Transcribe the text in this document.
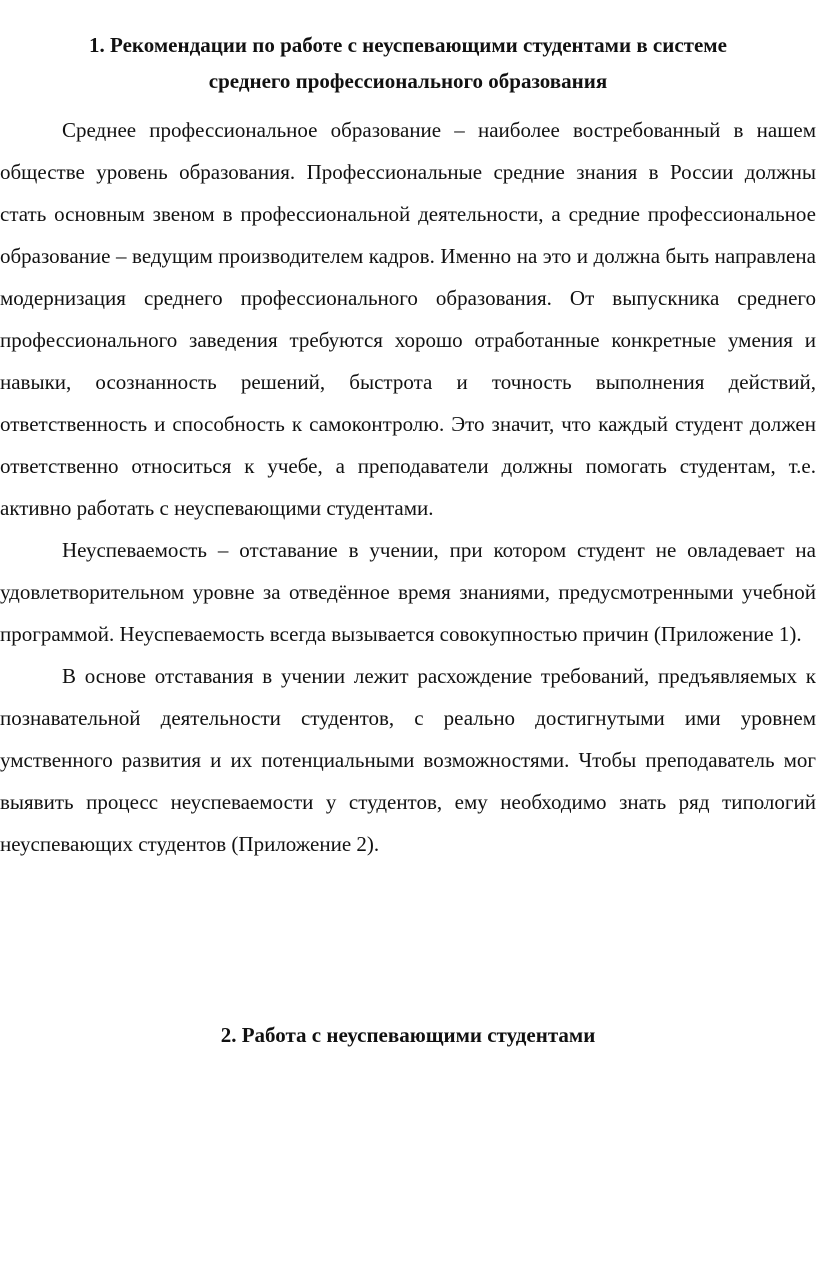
1. Рекомендации по работе с неуспевающими студентами в системе
среднего профессионального образования

Среднее профессиональное образование – наиболее востребованный в нашем обществе уровень образования. Профессиональные средние знания в России должны стать основным звеном в профессиональной деятельности, а средние профессиональное образование – ведущим производителем кадров. Именно на это и должна быть направлена модернизация среднего профессионального образования. От выпускника среднего профессионального заведения требуются хорошо отработанные конкретные умения и навыки, осознанность решений, быстрота и точность выполнения действий, ответственность и способность к самоконтролю. Это значит, что каждый студент должен ответственно относиться к учебе, а преподаватели должны помогать студентам, т.е. активно работать с неуспевающими студентами.

Неуспеваемость – отставание в учении, при котором студент не овладевает на удовлетворительном уровне за отведённое время знаниями, предусмотренными учебной программой. Неуспеваемость всегда вызывается совокупностью причин (Приложение 1).

В основе отставания в учении лежит расхождение требований, предъявляемых к познавательной деятельности студентов, с реально достигнутыми ими уровнем умственного развития и их потенциальными возможностями. Чтобы преподаватель мог выявить процесс неуспеваемости у студентов, ему необходимо знать ряд типологий неуспевающих студентов (Приложение 2).

2. Работа с неуспевающими студентами
